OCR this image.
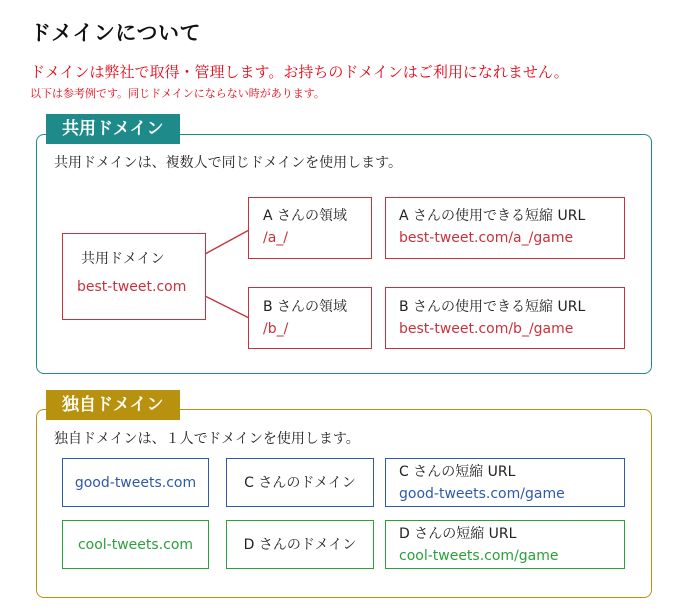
ドメインについて
ドメインは弊社で取得・管理します。お持ちのドメインはご利用になれません。
以下は参考例です。同じドメインにならない時があります。
共用ドメイン
共用ドメインは、複数人で同じドメインを使用します。
共用ドメイン
best-tweet.com
A さんの領域
/a_/
A さんの使用できる短縮 URL
best-tweet.com/a_/game
B さんの領域
/b_/
B さんの使用できる短縮 URL
best-tweet.com/b_/game
独自ドメイン
独自ドメインは、１人でドメインを使用します。
good-tweets.com	C さんのドメイン
C さんの短縮 URL
good-tweets.com/game
cool-tweets.com	D さんのドメイン
D さんの短縮 URL
cool-tweets.com/game
